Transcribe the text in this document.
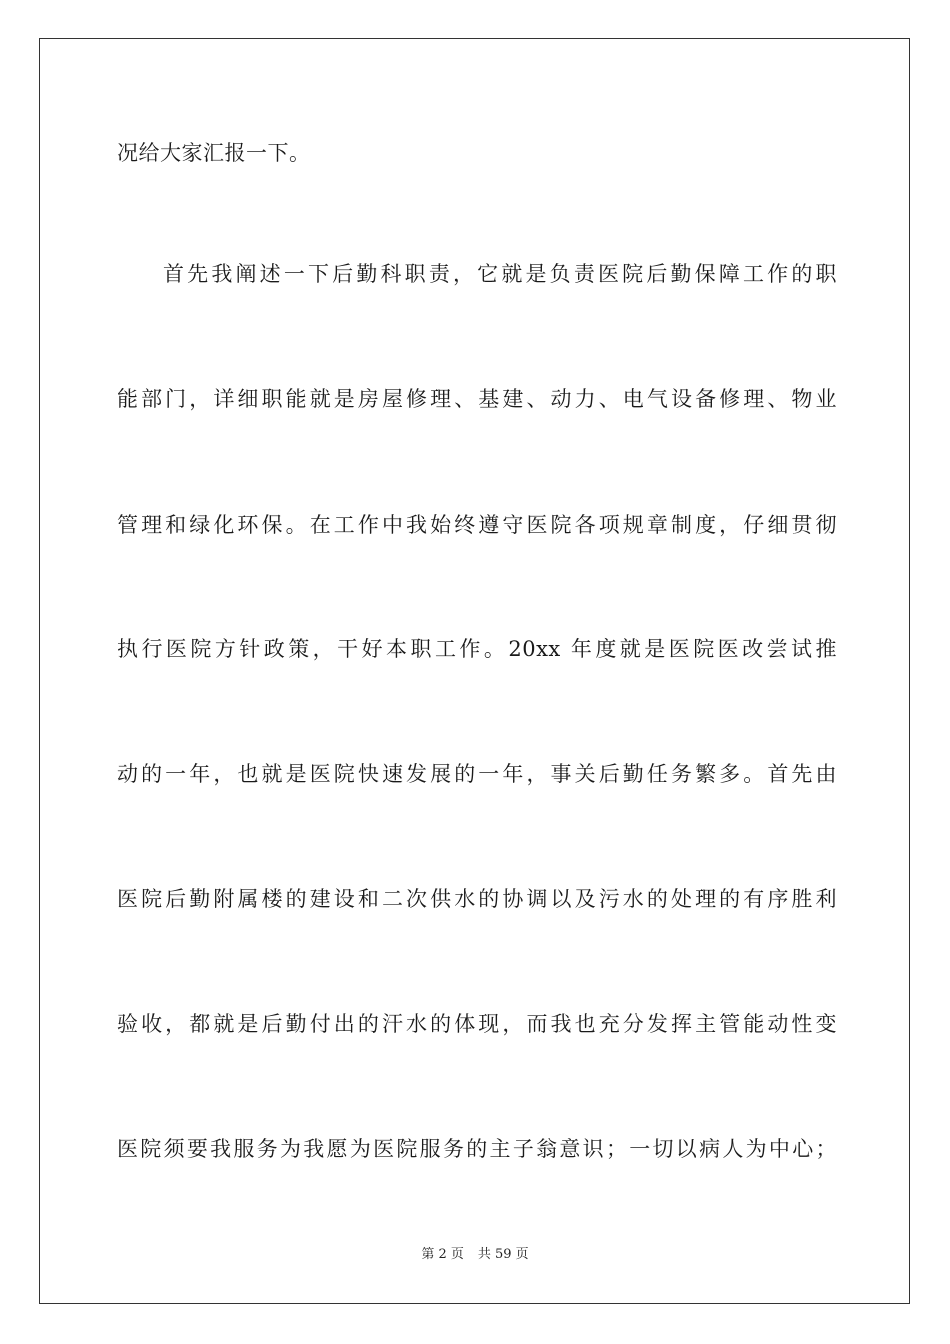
况给大家汇报一下。
首先我阐述一下后勤科职责，它就是负责医院后勤保障工作的职
能部门，详细职能就是房屋修理、基建、动力、电气设备修理、物业
管理和绿化环保。在工作中我始终遵守医院各项规章制度，仔细贯彻
执行医院方针政策，干好本职工作。20xx 年度就是医院医改尝试推
动的一年，也就是医院快速发展的一年，事关后勤任务繁多。首先由
医院后勤附属楼的建设和二次供水的协调以及污水的处理的有序胜利
验收，都就是后勤付出的汗水的体现，而我也充分发挥主管能动性变
医院须要我服务为我愿为医院服务的主子翁意识；一切以病人为中心；
第 2 页 共 59 页
